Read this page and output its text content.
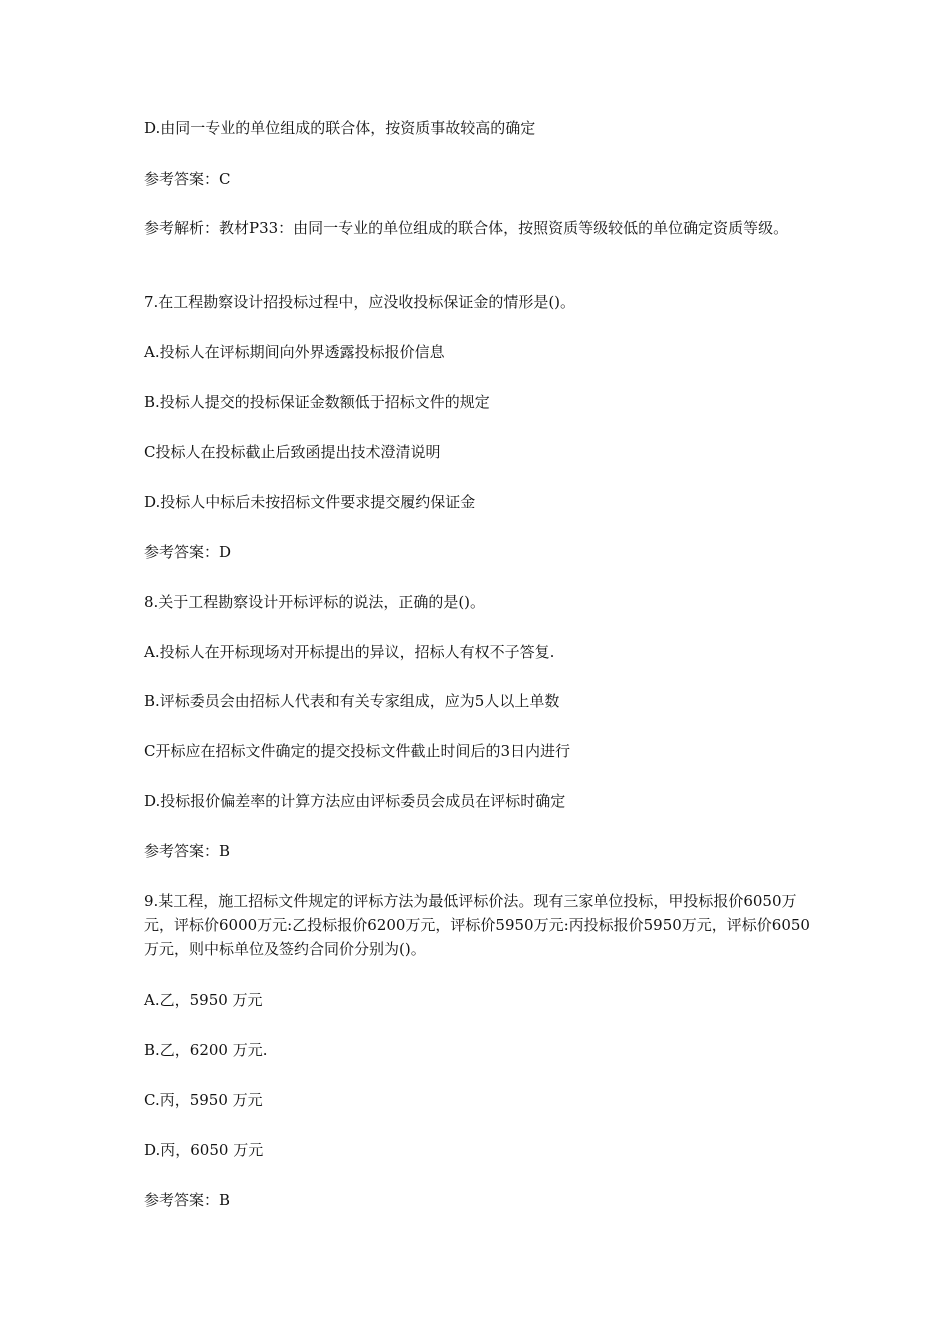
D.由同一专业的单位组成的联合体，按资质事故较高的确定
参考答案：C
参考解析：教材P33：由同一专业的单位组成的联合体，按照资质等级较低的单位确定资质等级。
7.在工程勘察设计招投标过程中，应没收投标保证金的情形是()。
A.投标人在评标期间向外界透露投标报价信息
B.投标人提交的投标保证金数额低于招标文件的规定
C投标人在投标截止后致函提出技术澄清说明
D.投标人中标后未按招标文件要求提交履约保证金
参考答案：D
8.关于工程勘察设计开标评标的说法，正确的是()。
A.投标人在开标现场对开标提出的异议，招标人有权不子答复.
B.评标委员会由招标人代表和有关专家组成，应为5人以上单数
C开标应在招标文件确定的提交投标文件截止时间后的3日内进行
D.投标报价偏差率的计算方法应由评标委员会成员在评标时确定
参考答案：B
9.某工程，施工招标文件规定的评标方法为最低评标价法。现有三家单位投标，甲投标报价6050万元，评标价6000万元:乙投标报价6200万元，评标价5950万元:丙投标报价5950万元，评标价6050万元，则中标单位及签约合同价分别为()。
A.乙，5950 万元
B.乙，6200 万元.
C.丙，5950 万元
D.丙，6050 万元
参考答案：B
